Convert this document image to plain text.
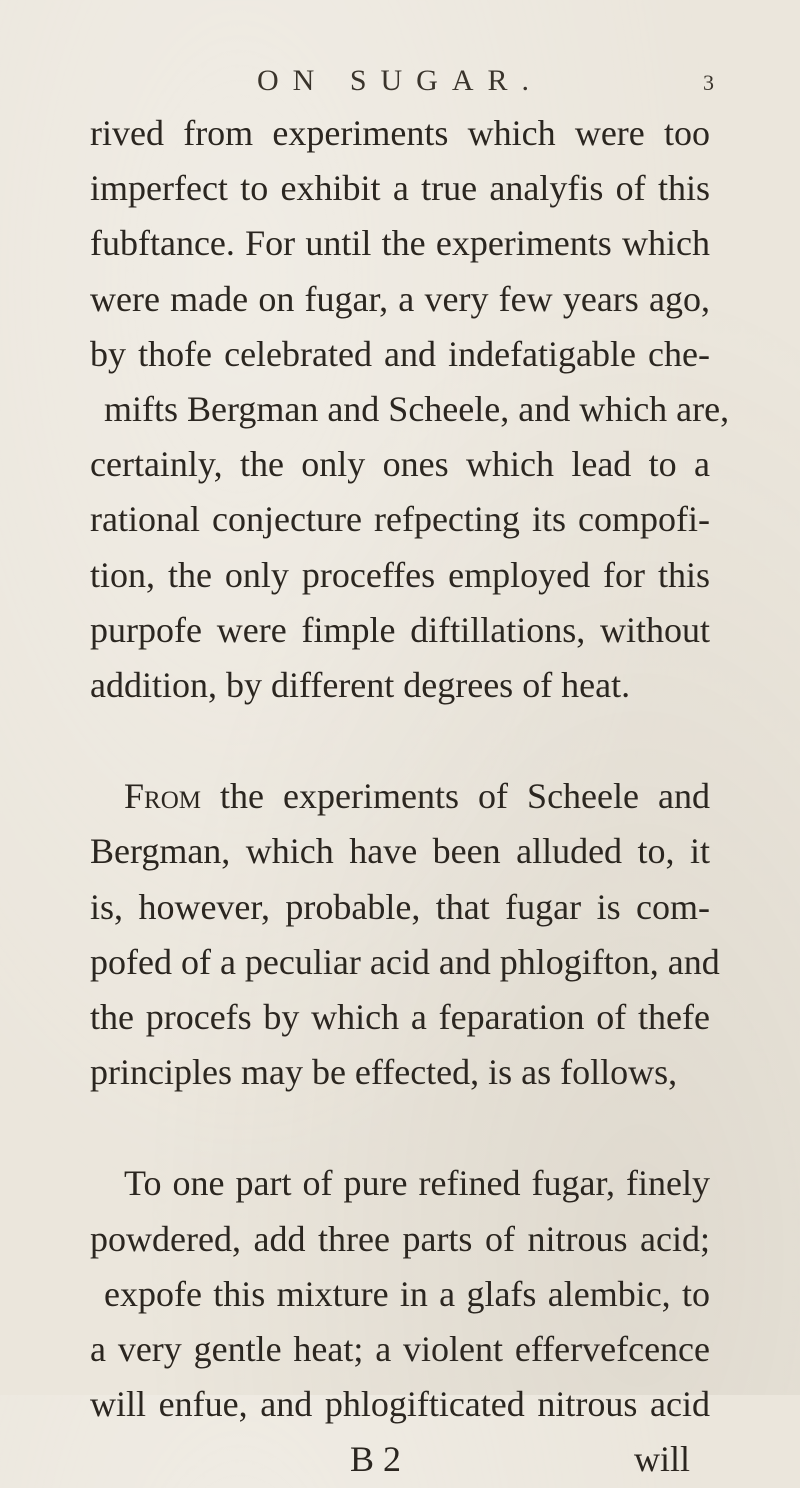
ON SUGAR.	3
rived from experiments which were too
imperfect to exhibit a true analyfis of this
fubftance. For until the experiments which
were made on fugar, a very few years ago,
by thofe celebrated and indefatigable che-
mifts Bergman and Scheele, and which are,
certainly, the only ones which lead to a
rational conjecture refpecting its compofi-
tion, the only proceffes employed for this
purpofe were fimple diftillations, without
addition, by different degrees of heat.
From the experiments of Scheele and
Bergman, which have been alluded to, it
is, however, probable, that fugar is com-
pofed of a peculiar acid and phlogifton, and
the procefs by which a feparation of thefe
principles may be effected, is as follows,
To one part of pure refined fugar, finely
powdered, add three parts of nitrous acid;
expofe this mixture in a glafs alembic, to
a very gentle heat; a violent effervefcence
will enfue, and phlogifticated nitrous acid
B 2	will
